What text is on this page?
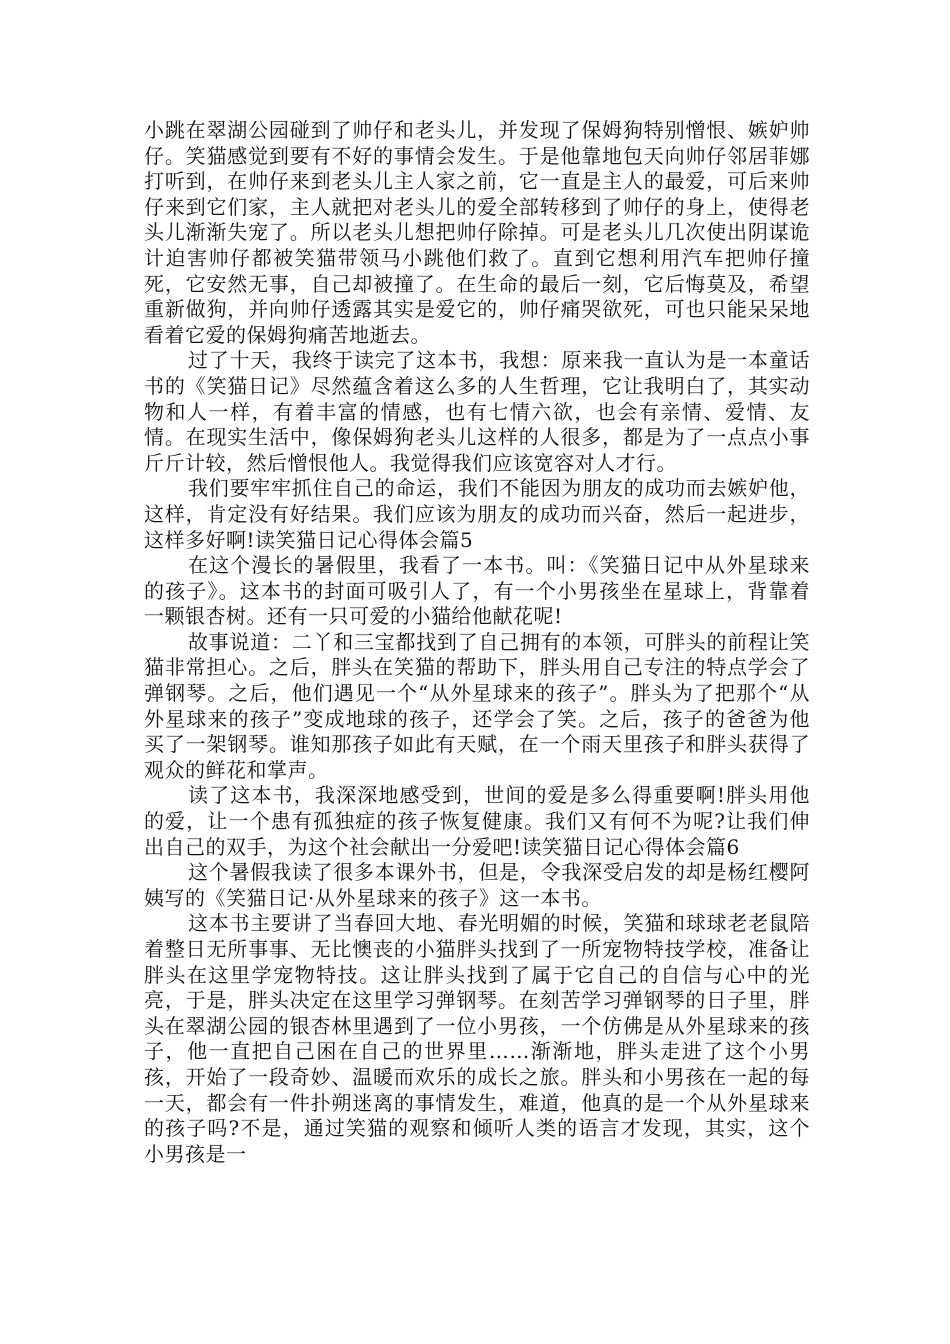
小跳在翠湖公园碰到了帅仔和老头儿，并发现了保姆狗特别憎恨、嫉妒帅仔。笑猫感觉到要有不好的事情会发生。于是他靠地包天向帅仔邻居菲娜打听到，在帅仔来到老头儿主人家之前，它一直是主人的最爱，可后来帅仔来到它们家，主人就把对老头儿的爱全部转移到了帅仔的身上，使得老头儿渐渐失宠了。所以老头儿想把帅仔除掉。可是老头儿几次使出阴谋诡计迫害帅仔都被笑猫带领马小跳他们救了。直到它想利用汽车把帅仔撞死，它安然无事，自己却被撞了。在生命的最后一刻，它后悔莫及，希望重新做狗，并向帅仔透露其实是爱它的，帅仔痛哭欲死，可也只能呆呆地看着它爱的保姆狗痛苦地逝去。

过了十天，我终于读完了这本书，我想：原来我一直认为是一本童话书的《笑猫日记》尽然蕴含着这么多的人生哲理，它让我明白了，其实动物和人一样，有着丰富的情感，也有七情六欲，也会有亲情、爱情、友情。在现实生活中，像保姆狗老头儿这样的人很多，都是为了一点点小事斤斤计较，然后憎恨他人。我觉得我们应该宽容对人才行。

我们要牢牢抓住自己的命运，我们不能因为朋友的成功而去嫉妒他，这样，肯定没有好结果。我们应该为朋友的成功而兴奋，然后一起进步，这样多好啊!读笑猫日记心得体会篇5

在这个漫长的暑假里，我看了一本书。叫：《笑猫日记中从外星球来的孩子》。这本书的封面可吸引人了，有一个小男孩坐在星球上，背靠着一颗银杏树。还有一只可爱的小猫给他献花呢!

故事说道：二丫和三宝都找到了自己拥有的本领，可胖头的前程让笑猫非常担心。之后，胖头在笑猫的帮助下，胖头用自己专注的特点学会了弹钢琴。之后，他们遇见一个“从外星球来的孩子”。胖头为了把那个“从外星球来的孩子”变成地球的孩子，还学会了笑。之后，孩子的爸爸为他买了一架钢琴。谁知那孩子如此有天赋，在一个雨天里孩子和胖头获得了观众的鲜花和掌声。

读了这本书，我深深地感受到，世间的爱是多么得重要啊!胖头用他的爱，让一个患有孤独症的孩子恢复健康。我们又有何不为呢?让我们伸出自己的双手，为这个社会献出一分爱吧!读笑猫日记心得体会篇6

这个暑假我读了很多本课外书，但是，令我深受启发的却是杨红樱阿姨写的《笑猫日记·从外星球来的孩子》这一本书。

这本书主要讲了当春回大地、春光明媚的时候，笑猫和球球老老鼠陪着整日无所事事、无比懊丧的小猫胖头找到了一所宠物特技学校，准备让胖头在这里学宠物特技。这让胖头找到了属于它自己的自信与心中的光亮，于是，胖头决定在这里学习弹钢琴。在刻苦学习弹钢琴的日子里，胖头在翠湖公园的银杏林里遇到了一位小男孩，一个仿佛是从外星球来的孩子，他一直把自己困在自己的世界里……渐渐地，胖头走进了这个小男孩，开始了一段奇妙、温暖而欢乐的成长之旅。胖头和小男孩在一起的每一天，都会有一件扑朔迷离的事情发生，难道，他真的是一个从外星球来的孩子吗?不是，通过笑猫的观察和倾听人类的语言才发现，其实，这个小男孩是一
